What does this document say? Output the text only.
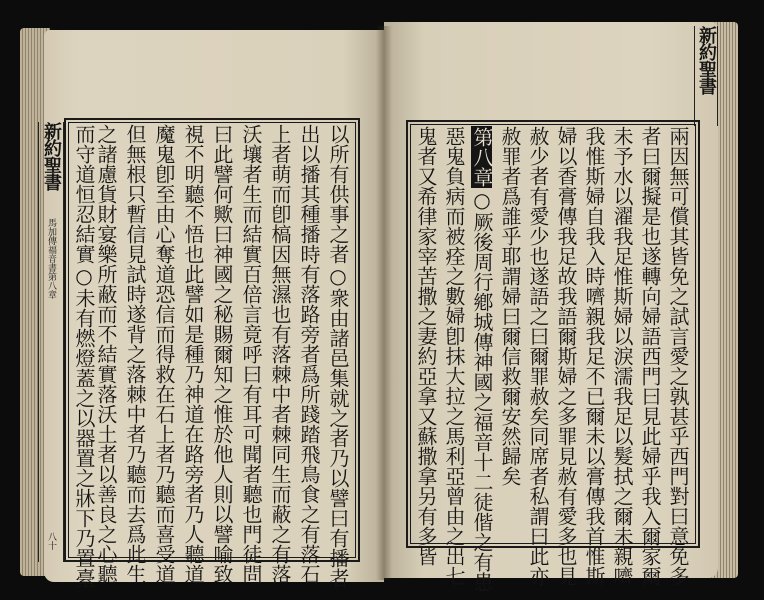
新約聖書
馬加傳福音書第八章
八十
新約聖書
以所有供事之者○衆由諸邑集就之者乃以譬曰有播者
出以播其種播時有落路旁者爲所踐踏飛鳥食之有落石
上者萌而卽槁因無濕也有落棘中者棘同生而蔽之有落
沃壤者生而結實百倍言竟呼曰有耳可聞者聽也門徒問
曰此譬何歟曰神國之秘賜爾知之惟於他人則以譬喻致
視不明聽不悟也此譬如是種乃神道在路旁者乃人聽道
魔鬼卽至由心奪道恐信而得救在石上者乃聽而喜受道
但無根只暫信見試時遂背之落棘中者乃聽而去爲此生
之諸慮貨財宴樂所蔽而不結實落沃土者以善良之心聽
而守道恒忍結實○未有燃燈蓋之以器置之牀下乃置臺	鬼者又希律家宰苦撒之妻約亞拿又蘇撒拿另有多皆 惡鬼負病而被痊之數婦卽抹大拉之馬利亞曾由之出七 第八章○厥後周行鄕城傳神國之福音十二徒偕之有患 赦罪者爲誰乎耶謂婦曰爾信救爾安然歸矣 赦少者有愛少也遂語之曰爾罪赦矣同席者私謂曰此亦 婦以香膏傳我足故我語爾斯婦之多罪見赦有愛多也見 我惟斯婦自我入時嚌親我足不已爾未以膏傳我首惟斯 未予水以濯我足惟斯婦以淚濡我足以髮拭之爾未親嚌 者曰爾擬是也遂轉向婦語西門曰見此婦乎我入爾家爾 兩因無可償其皆免之試言愛之孰甚乎西門對曰意免多
